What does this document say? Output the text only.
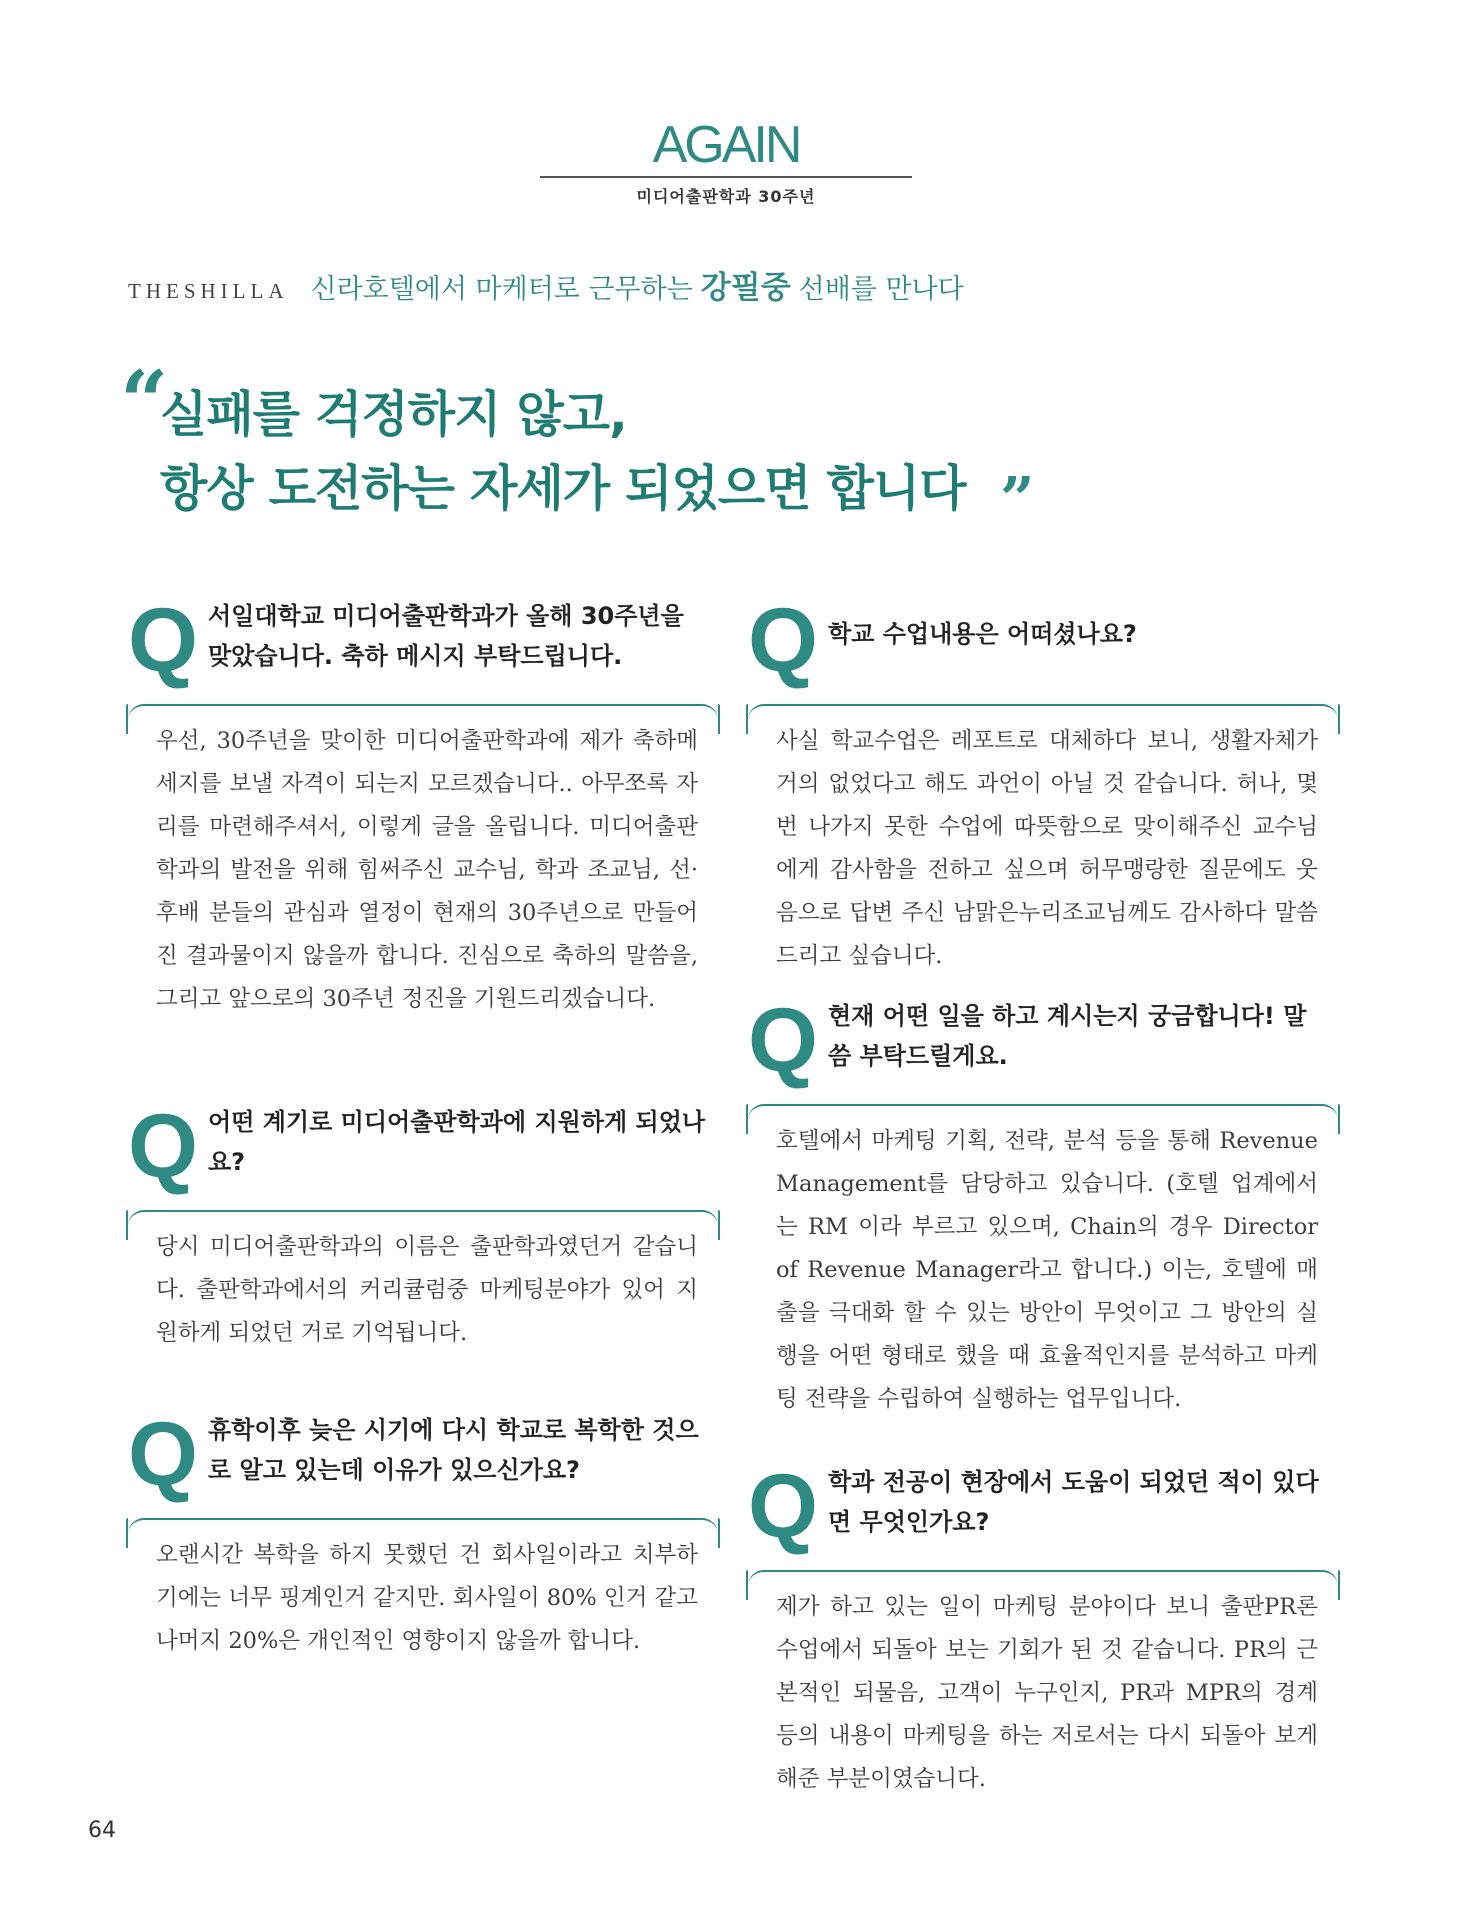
AGAIN
미디어출판학과 30주년
THESHILLA 신라호텔에서 마케터로 근무하는 강필중 선배를 만나다
“
실패를 걱정하지 않고,
항상 도전하는 자세가 되었으면 합니다 ”
Q 서일대학교 미디어출판학과가 올해 30주년을 맞았습니다. 축하 메시지 부탁드립니다.
우선, 30주년을 맞이한 미디어출판학과에 제가 축하메세지를 보낼 자격이 되는지 모르겠습니다.. 아무쪼록 자리를 마련해주셔서, 이렇게 글을 올립니다. 미디어출판학과의 발전을 위해 힘써주신 교수님, 학과 조교님, 선·후배 분들의 관심과 열정이 현재의 30주년으로 만들어진 결과물이지 않을까 합니다. 진심으로 축하의 말씀을, 그리고 앞으로의 30주년 정진을 기원드리겠습니다.
Q 어떤 계기로 미디어출판학과에 지원하게 되었나요?
당시 미디어출판학과의 이름은 출판학과였던거 같습니다. 출판학과에서의 커리큘럼중 마케팅분야가 있어 지원하게 되었던 거로 기억됩니다.
Q 휴학이후 늦은 시기에 다시 학교로 복학한 것으로 알고 있는데 이유가 있으신가요?
오랜시간 복학을 하지 못했던 건 회사일이라고 치부하기에는 너무 핑계인거 같지만. 회사일이 80% 인거 같고 나머지 20%은 개인적인 영향이지 않을까 합니다.
Q 학교 수업내용은 어떠셨나요?
사실 학교수업은 레포트로 대체하다 보니, 생활자체가 거의 없었다고 해도 과언이 아닐 것 같습니다. 허나, 몇번 나가지 못한 수업에 따뜻함으로 맞이해주신 교수님에게 감사함을 전하고 싶으며 허무맹랑한 질문에도 웃음으로 답변 주신 남맑은누리조교님께도 감사하다 말씀드리고 싶습니다.
Q 현재 어떤 일을 하고 계시는지 궁금합니다! 말씀 부탁드릴게요.
호텔에서 마케팅 기획, 전략, 분석 등을 통해 Revenue Management를 담당하고 있습니다. (호텔 업계에서는 RM 이라 부르고 있으며, Chain의 경우 Director of Revenue Manager라고 합니다.) 이는, 호텔에 매출을 극대화 할 수 있는 방안이 무엇이고 그 방안의 실행을 어떤 형태로 했을 때 효율적인지를 분석하고 마케팅 전략을 수립하여 실행하는 업무입니다.
Q 학과 전공이 현장에서 도움이 되었던 적이 있다면 무엇인가요?
제가 하고 있는 일이 마케팅 분야이다 보니 출판PR론 수업에서 되돌아 보는 기회가 된 것 같습니다. PR의 근본적인 되물음, 고객이 누구인지, PR과 MPR의 경계 등의 내용이 마케팅을 하는 저로서는 다시 되돌아 보게 해준 부분이였습니다.
64
